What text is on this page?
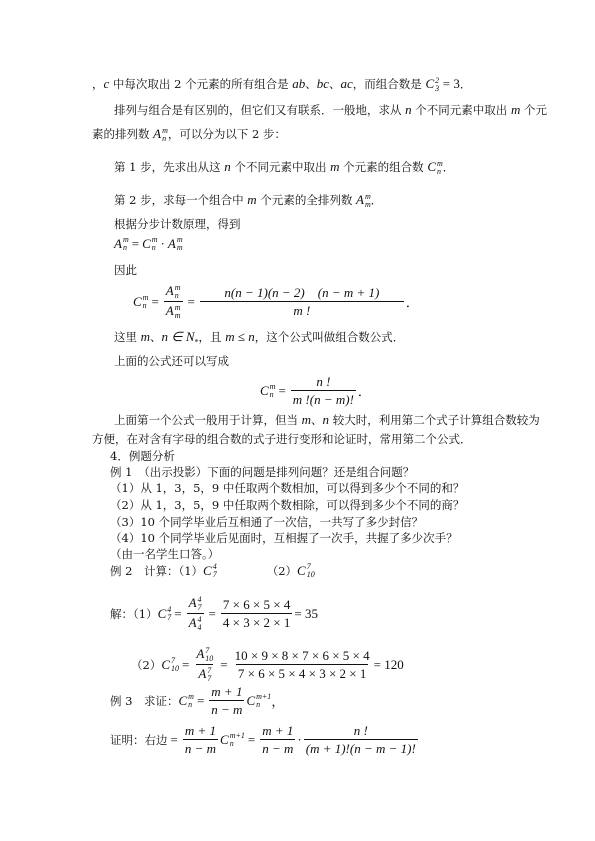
，c 中每次取出 2 个元素的所有组合是 ab、bc、ac，而组合数是 C 2
3 = 3．
排列与组合是有区别的，但它们又有联系．一般地，求从 n 个不同元素中取出 m 个元
素的排列数 A m
n ，可以分为以下 2 步：
第 1 步，先求出从这 n 个不同元素中取出 m 个元素的组合数 C m
n ．
第 2 步，求每一个组合中 m 个元素的全排列数 A m
m ．
根据分步计数原理，得到
A m
n = C m
n · A m
m
因此
C m
n = A m
n
A m
$m = \frac{n(n - 1)(n - 2) (n - m + 1)}{m !}$ ．
这里 m、n ∈ $N_*$，且 m ≤ n，这个公式叫做组合数公式．
上面的公式还可以写成
C m
$n = \frac{n !}{m !(n - m)!}$ ．
上面第一个公式一般用于计算，但当 m、n 较大时，利用第二个式子计算组合数较为
方便，在对含有字母的组合数的式子进行变形和论证时，常用第二个公式．
4．例题分析
例 1　（出示投影）下面的问题是排列问题？还是组合问题？
（1）从 1，3，5，9 中任取两个数相加，可以得到多少个不同的和？
（2）从 1，3，5，9 中任取两个数相除，可以得到多少个不同的商？
（3）10 个同学毕业后互相通了一次信，一共写了多少封信？
（4）10 个同学毕业后见面时，互相握了一次手，共握了多少次手？
（由一名学生口答。）
例 2　计算：（1） C 4
7	（2） C 7
10
解：（1） C 4
7 = A 4
7
A 4
$4 = \frac{7 \times 6 \times 5 \times 4}{4 \times 3 \times 2 \times 1} = 35$
（2） C 7
10 = A 7
10
A 7
$7 = \frac{10 \times 9 \times 8 \times 7 \times 6 \times 5 \times 4}{7 \times 6 \times 5 \times 4 \times 3 \times 2 \times 1} = 120$
例 3　求证： C m
$n = \frac{m + 1}{n - m}$ C m+1
n ，
证明：右边 = $\frac{m + 1}{n - m}$ C m+1
n	= $\frac{m + 1}{n - m} \cdot \frac{n !}{(m + 1)!(n - m - 1)!}$
